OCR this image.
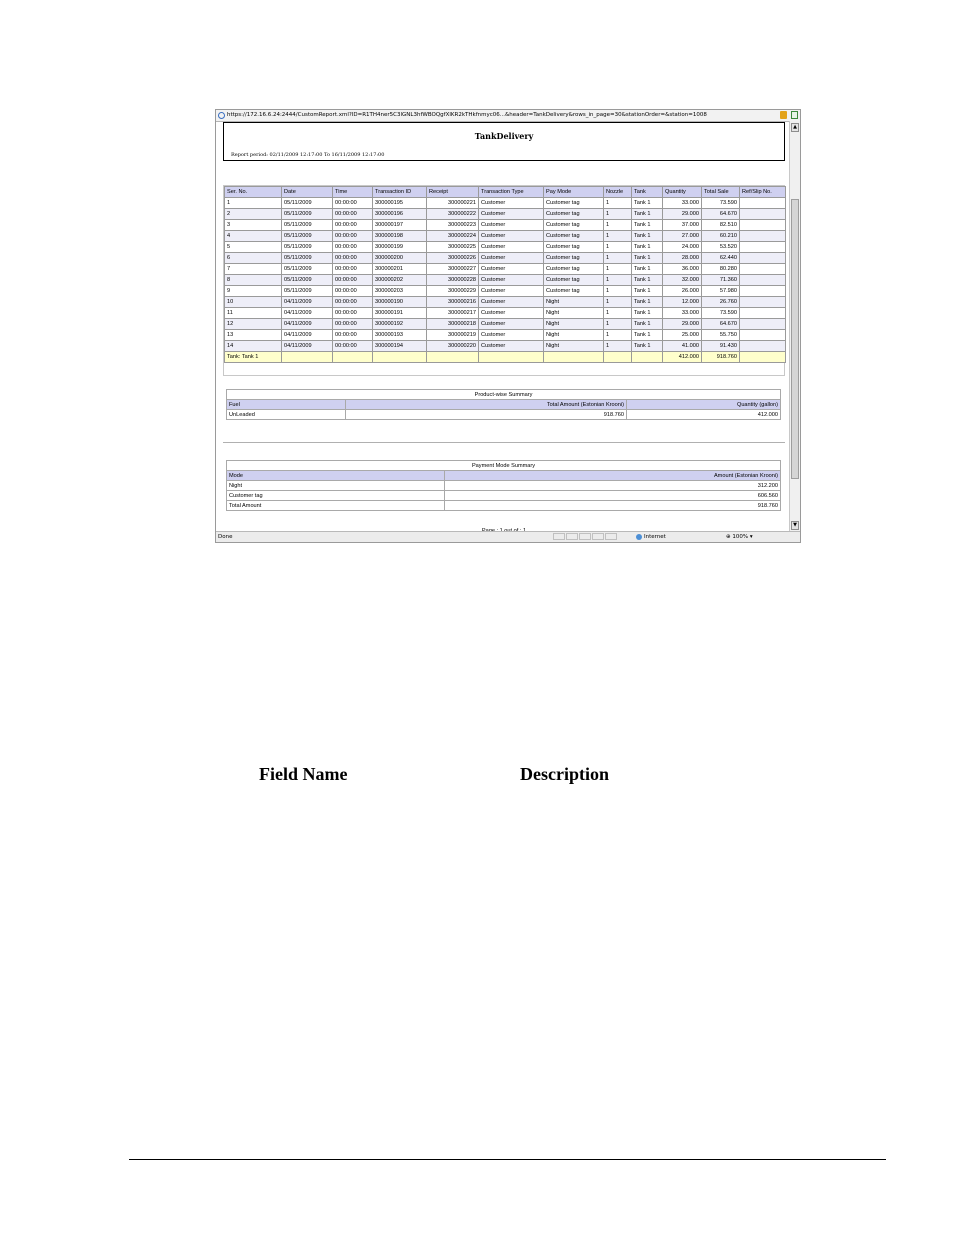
https://172.16.6.24:2444/CustomReport.xml?ID=R1TH4ner5C3lGNL3hfWBOQgfXlKR2kTHkfnmyc06...&header=TankDelivery&rows_in_page=30&stationOrder=&station=1008
▲
▼
TankDelivery
Report period: 02/11/2009 12:17:00 To 16/11/2009 12:17:00
Ser. No.	Date	Time	Transaction ID	Receipt	Transaction Type	Pay Mode	Nozzle	Tank	Quantity	Total Sale	Ref/Slip No.
1	05/11/2009	00:00:00	300000195	300000221	Customer	Customer tag	1	Tank 1	33.000	73.590	
2	05/11/2009	00:00:00	300000196	300000222	Customer	Customer tag	1	Tank 1	29.000	64.670	
3	05/11/2009	00:00:00	300000197	300000223	Customer	Customer tag	1	Tank 1	37.000	82.510	
4	05/11/2009	00:00:00	300000198	300000224	Customer	Customer tag	1	Tank 1	27.000	60.210	
5	05/11/2009	00:00:00	300000199	300000225	Customer	Customer tag	1	Tank 1	24.000	53.520	
6	05/11/2009	00:00:00	300000200	300000226	Customer	Customer tag	1	Tank 1	28.000	62.440	
7	05/11/2009	00:00:00	300000201	300000227	Customer	Customer tag	1	Tank 1	36.000	80.280	
8	05/11/2009	00:00:00	300000202	300000228	Customer	Customer tag	1	Tank 1	32.000	71.360	
9	05/11/2009	00:00:00	300000203	300000229	Customer	Customer tag	1	Tank 1	26.000	57.980	
10	04/11/2009	00:00:00	300000190	300000216	Customer	Night	1	Tank 1	12.000	26.760	
11	04/11/2009	00:00:00	300000191	300000217	Customer	Night	1	Tank 1	33.000	73.590	
12	04/11/2009	00:00:00	300000192	300000218	Customer	Night	1	Tank 1	29.000	64.670	
13	04/11/2009	00:00:00	300000193	300000219	Customer	Night	1	Tank 1	25.000	55.750	
14	04/11/2009	00:00:00	300000194	300000220	Customer	Night	1	Tank 1	41.000	91.430	
Tank: Tank 1									412.000	918.760	
Product-wise Summary		
Fuel	Total Amount (Estonian Krooni)	Quantity (gallon)
UnLeaded	918.760	412.000
Payment Mode Summary	
Mode	Amount (Estonian Krooni)
Night	312.200
Customer tag	606.560
Total Amount	918.760
Done	Internet	⊕ 100% ▾
Field Name	Description
